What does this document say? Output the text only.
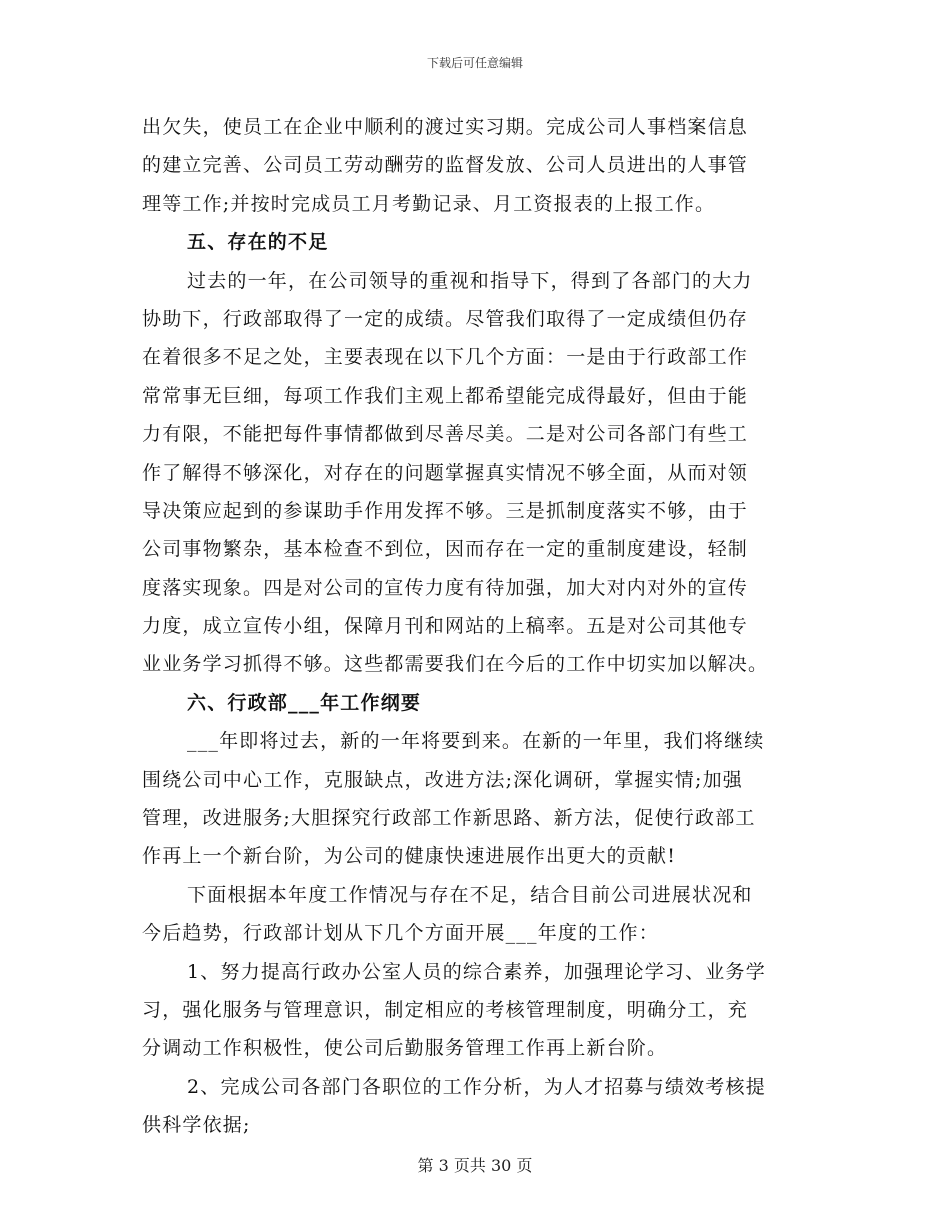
下载后可任意编辑
出欠失，使员工在企业中顺利的渡过实习期。完成公司人事档案信息
的建立完善、公司员工劳动酬劳的监督发放、公司人员进出的人事管
理等工作;并按时完成员工月考勤记录、月工资报表的上报工作。
五、存在的不足
过去的一年，在公司领导的重视和指导下，得到了各部门的大力
协助下，行政部取得了一定的成绩。尽管我们取得了一定成绩但仍存
在着很多不足之处，主要表现在以下几个方面：一是由于行政部工作
常常事无巨细，每项工作我们主观上都希望能完成得最好，但由于能
力有限，不能把每件事情都做到尽善尽美。二是对公司各部门有些工
作了解得不够深化，对存在的问题掌握真实情况不够全面，从而对领
导决策应起到的参谋助手作用发挥不够。三是抓制度落实不够，由于
公司事物繁杂，基本检查不到位，因而存在一定的重制度建设，轻制
度落实现象。四是对公司的宣传力度有待加强，加大对内对外的宣传
力度，成立宣传小组，保障月刊和网站的上稿率。五是对公司其他专
业业务学习抓得不够。这些都需要我们在今后的工作中切实加以解决。
六、行政部___年工作纲要
___年即将过去，新的一年将要到来。在新的一年里，我们将继续
围绕公司中心工作，克服缺点，改进方法;深化调研，掌握实情;加强
管理，改进服务;大胆探究行政部工作新思路、新方法，促使行政部工
作再上一个新台阶，为公司的健康快速进展作出更大的贡献!
下面根据本年度工作情况与存在不足，结合目前公司进展状况和
今后趋势，行政部计划从下几个方面开展___年度的工作：
1、努力提高行政办公室人员的综合素养，加强理论学习、业务学
习，强化服务与管理意识，制定相应的考核管理制度，明确分工，充
分调动工作积极性，使公司后勤服务管理工作再上新台阶。
2、完成公司各部门各职位的工作分析，为人才招募与绩效考核提
供科学依据;
第 3 页共 30 页
